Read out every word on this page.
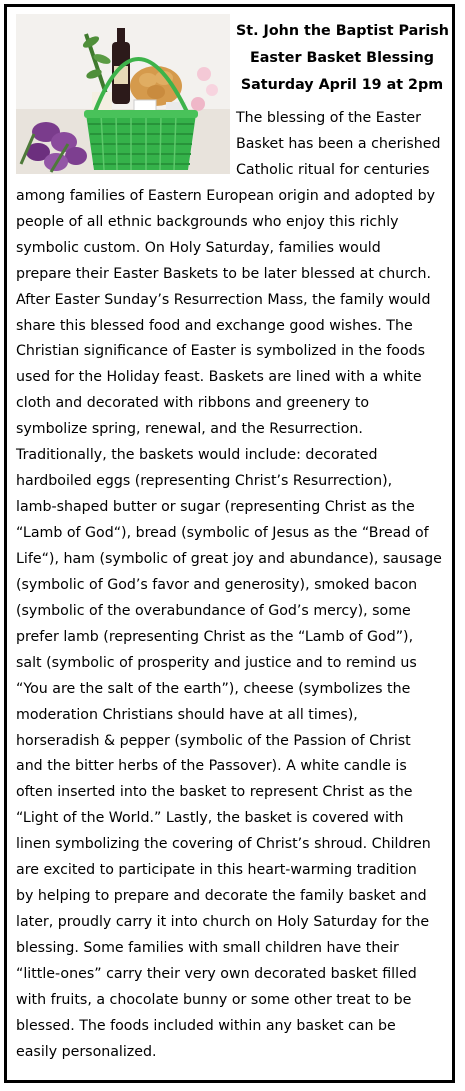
St. John the Baptist Parish
Easter Basket Blessing
Saturday April 19 at 2pm
The blessing of the Easter
Basket has been a cherished
Catholic ritual for centuries
among families of Eastern European origin and adopted by
people of all ethnic backgrounds who enjoy this richly
symbolic custom. On Holy Saturday, families would
prepare their Easter Baskets to be later blessed at church.
After Easter Sunday’s Resurrection Mass, the family would
share this blessed food and exchange good wishes. The
Christian significance of Easter is symbolized in the foods
used for the Holiday feast. Baskets are lined with a white
cloth and decorated with ribbons and greenery to
symbolize spring, renewal, and the Resurrection.
Traditionally, the baskets would include: decorated
hardboiled eggs (representing Christ’s Resurrection),
lamb-shaped butter or sugar (representing Christ as the
“Lamb of God“), bread (symbolic of Jesus as the “Bread of
Life“), ham (symbolic of great joy and abundance), sausage
(symbolic of God’s favor and generosity), smoked bacon
(symbolic of the overabundance of God’s mercy), some
prefer lamb (representing Christ as the “Lamb of God”),
salt (symbolic of prosperity and justice and to remind us
“You are the salt of the earth”), cheese (symbolizes the
moderation Christians should have at all times),
horseradish & pepper (symbolic of the Passion of Christ
and the bitter herbs of the Passover). A white candle is
often inserted into the basket to represent Christ as the
“Light of the World.” Lastly, the basket is covered with
linen symbolizing the covering of Christ’s shroud. Children
are excited to participate in this heart-warming tradition
by helping to prepare and decorate the family basket and
later, proudly carry it into church on Holy Saturday for the
blessing. Some families with small children have their
“little-ones” carry their very own decorated basket filled
with fruits, a chocolate bunny or some other treat to be
blessed. The foods included within any basket can be
easily personalized.
